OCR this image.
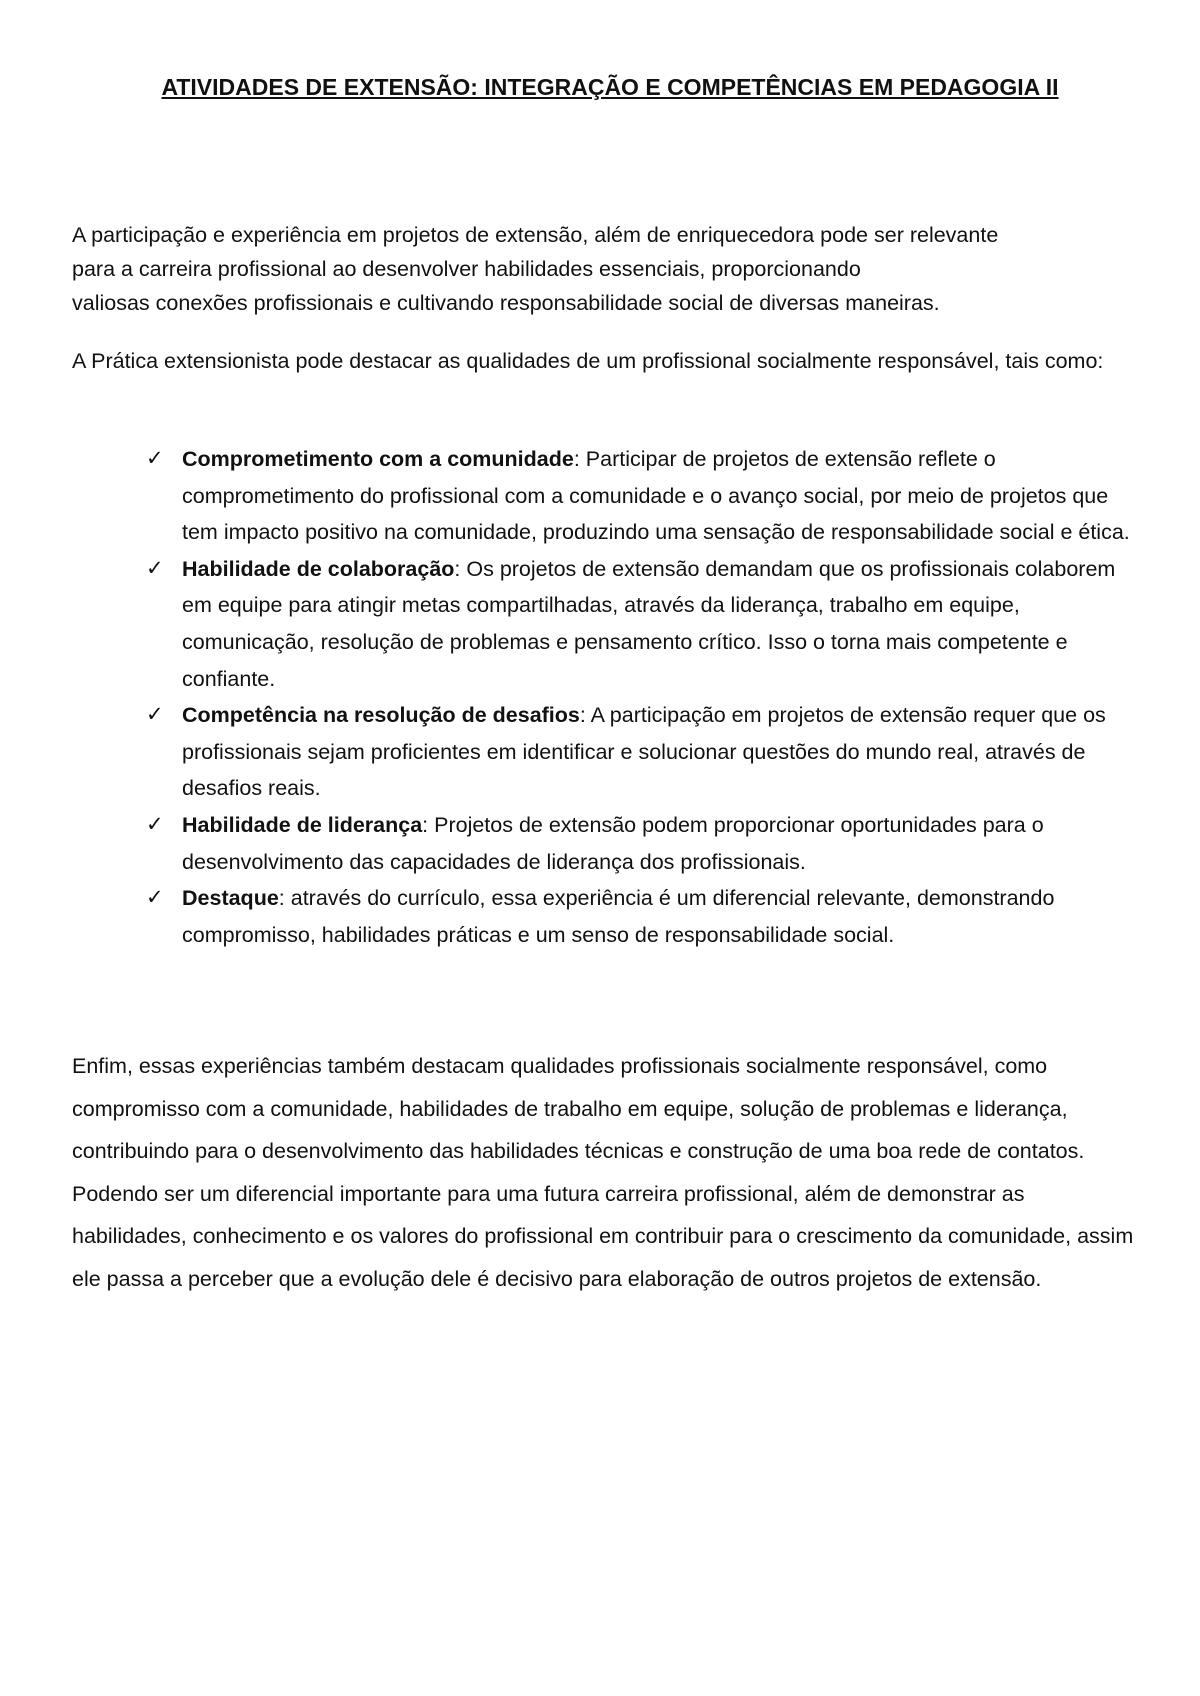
ATIVIDADES DE EXTENSÃO: INTEGRAÇÃO E COMPETÊNCIAS EM PEDAGOGIA II

A participação e experiência em projetos de extensão, além de enriquecedora pode ser relevante
para a carreira profissional ao desenvolver habilidades essenciais, proporcionando
valiosas conexões profissionais e cultivando responsabilidade social de diversas maneiras.

A Prática extensionista pode destacar as qualidades de um profissional socialmente responsável, tais como:

✓ Comprometimento com a comunidade: Participar de projetos de extensão reflete o comprometimento do profissional com a comunidade e o avanço social, por meio de projetos que tem impacto positivo na comunidade, produzindo uma sensação de responsabilidade social e ética.
✓ Habilidade de colaboração: Os projetos de extensão demandam que os profissionais colaborem em equipe para atingir metas compartilhadas, através da liderança, trabalho em equipe, comunicação, resolução de problemas e pensamento crítico. Isso o torna mais competente e confiante.
✓ Competência na resolução de desafios: A participação em projetos de extensão requer que os profissionais sejam proficientes em identificar e solucionar questões do mundo real, através de desafios reais.
✓ Habilidade de liderança: Projetos de extensão podem proporcionar oportunidades para o desenvolvimento das capacidades de liderança dos profissionais.
✓ Destaque: através do currículo, essa experiência é um diferencial relevante, demonstrando compromisso, habilidades práticas e um senso de responsabilidade social.

Enfim, essas experiências também destacam qualidades profissionais socialmente responsável, como compromisso com a comunidade, habilidades de trabalho em equipe, solução de problemas e liderança, contribuindo para o desenvolvimento das habilidades técnicas e construção de uma boa rede de contatos. Podendo ser um diferencial importante para uma futura carreira profissional, além de demonstrar as habilidades, conhecimento e os valores do profissional em contribuir para o crescimento da comunidade, assim ele passa a perceber que a evolução dele é decisivo para elaboração de outros projetos de extensão.
